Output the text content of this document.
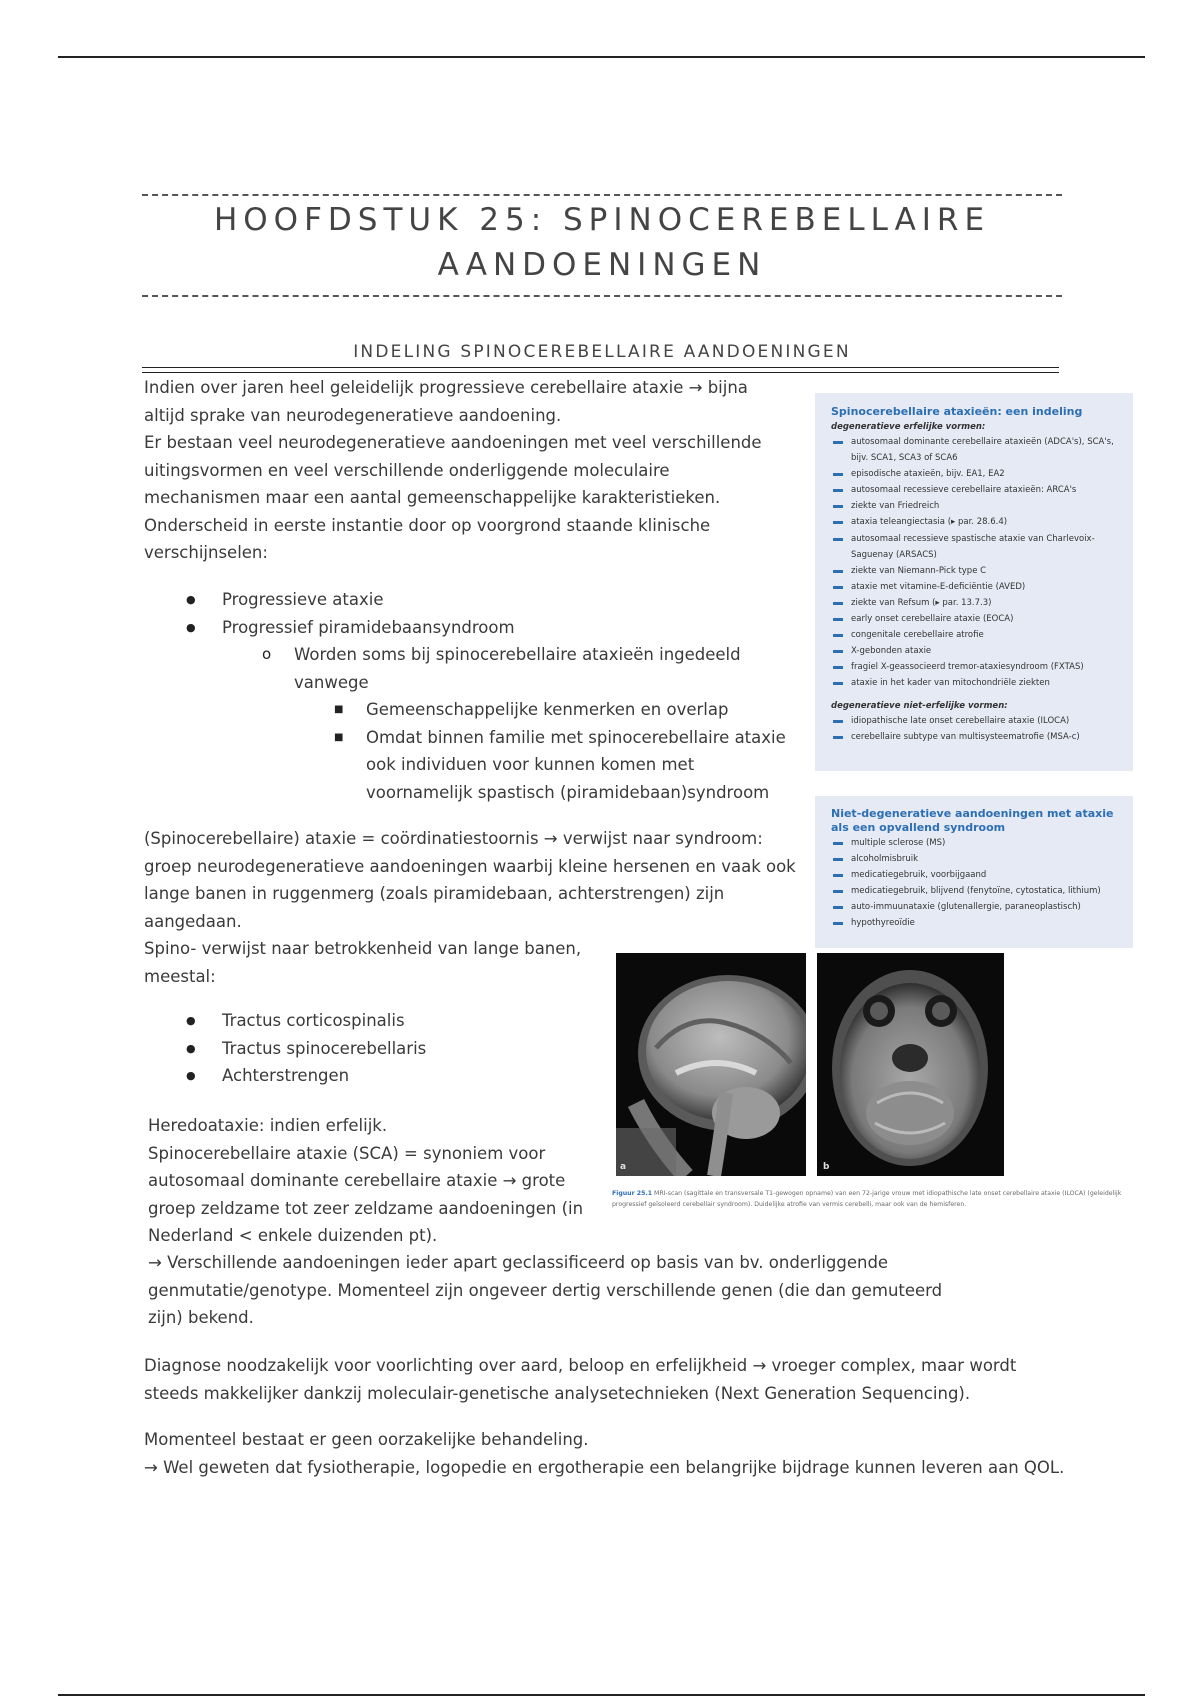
HOOFDSTUK 25: SPINOCEREBELLAIRE AANDOENINGEN
INDELING SPINOCEREBELLAIRE AANDOENINGEN

Indien over jaren heel geleidelijk progressieve cerebellaire ataxie → bijna altijd sprake van neurodegeneratieve aandoening.

Er bestaan veel neurodegeneratieve aandoeningen met veel verschillende uitingsvormen en veel verschillende onderliggende moleculaire mechanismen maar een aantal gemeenschappelijke karakteristieken.

Onderscheid in eerste instantie door op voorgrond staande klinische verschijnselen:

● Progressieve ataxie
● Progressief piramidebaansyndroom
o Worden soms bij spinocerebellaire ataxieën ingedeeld vanwege
■ Gemeenschappelijke kenmerken en overlap
■ Omdat binnen familie met spinocerebellaire ataxie ook individuen voor kunnen komen met voornamelijk spastisch (piramidebaan)syndroom

(Spinocerebellaire) ataxie = coördinatiestoornis → verwijst naar syndroom: groep neurodegeneratieve aandoeningen waarbij kleine hersenen en vaak ook lange banen in ruggenmerg (zoals piramidebaan, achterstrengen) zijn aangedaan.

Spino- verwijst naar betrokkenheid van lange banen, meestal:

● Tractus corticospinalis
● Tractus spinocerebellaris
● Achterstrengen

Heredoataxie: indien erfelijk.

Spinocerebellaire ataxie (SCA) = synoniem voor autosomaal dominante cerebellaire ataxie → grote groep zeldzame tot zeer zeldzame aandoeningen (in Nederland < enkele duizenden pt).

→ Verschillende aandoeningen ieder apart geclassificeerd op basis van bv. onderliggende genmutatie/genotype. Momenteel zijn ongeveer dertig verschillende genen (die dan gemuteerd zijn) bekend.

Diagnose noodzakelijk voor voorlichting over aard, beloop en erfelijkheid → vroeger complex, maar wordt steeds makkelijker dankzij moleculair-genetische analysetechnieken (Next Generation Sequencing).

Momenteel bestaat er geen oorzakelijke behandeling.

→ Wel geweten dat fysiotherapie, logopedie en ergotherapie een belangrijke bijdrage kunnen leveren aan QOL.

Spinocerebellaire ataxieën: een indeling
degeneratieve erfelijke vormen:
autosomaal dominante cerebellaire ataxieën (ADCA's), SCA's, bijv. SCA1, SCA3 of SCA6
episodische ataxieën, bijv. EA1, EA2
autosomaal recessieve cerebellaire ataxieën: ARCA's
ziekte van Friedreich
ataxia teleangiectasia (▸ par. 28.6.4)
autosomaal recessieve spastische ataxie van Charlevoix-Saguenay (ARSACS)
ziekte van Niemann-Pick type C
ataxie met vitamine-E-deficiëntie (AVED)
ziekte van Refsum (▸ par. 13.7.3)
early onset cerebellaire ataxie (EOCA)
congenitale cerebellaire atrofie
X-gebonden ataxie
fragiel X-geassocieerd tremor-ataxiesyndroom (FXTAS)
ataxie in het kader van mitochondriële ziekten
degeneratieve niet-erfelijke vormen:
idiopathische late onset cerebellaire ataxie (ILOCA)
cerebellaire subtype van multisysteematrofie (MSA-c)
Niet-degeneratieve aandoeningen met ataxie als een opvallend syndroom
multiple sclerose (MS)
alcoholmisbruik
medicatiegebruik, voorbijgaand
medicatiegebruik, blijvend (fenytoïne, cytostatica, lithium)
auto-immuunataxie (glutenallergie, paraneoplastisch)
hypothyreoïdie
a	b
Figuur 25.1 MRI-scan (sagittale en transversale T1-gewogen opname) van een 72-jarige vrouw met idiopathische late onset cerebellaire ataxie (ILOCA) (geleidelijk progressief geïsoleerd cerebellair syndroom). Duidelijke atrofie van vermis cerebelli, maar ook van de hemisferen.
